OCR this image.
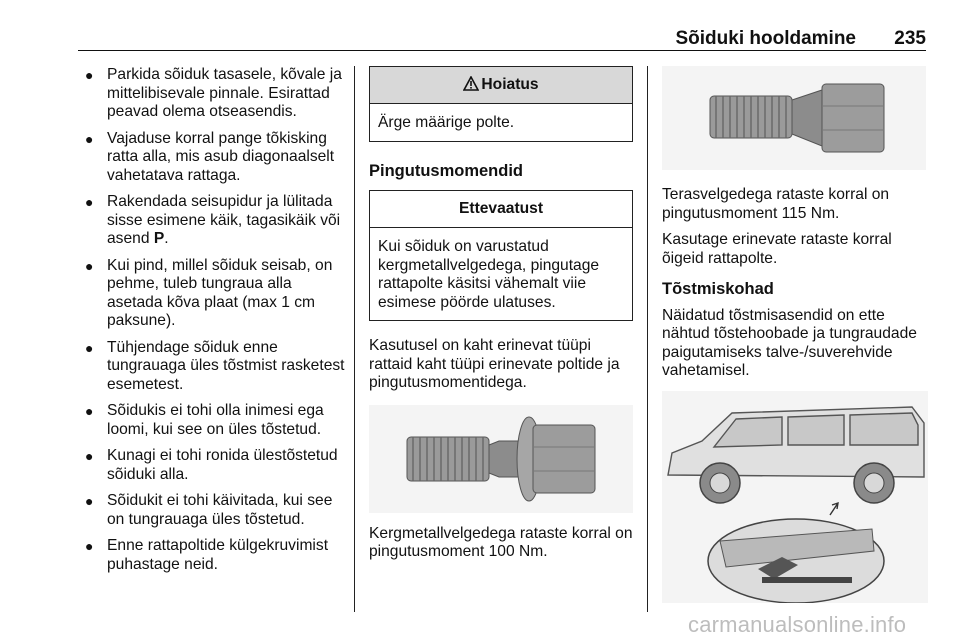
Sõiduki hooldamine 235
● Parkida sõiduk tasasele, kõvale ja mittelibisevale pinnale. Esirattad peavad olema otseasendis.
● Vajaduse korral pange tõkisking ratta alla, mis asub diagonaalselt vahetatava rattaga.
● Rakendada seisupidur ja lülitada sisse esimene käik, tagasikäik või asend P.
● Kui pind, millel sõiduk seisab, on pehme, tuleb tungraua alla asetada kõva plaat (max 1 cm paksune).
● Tühjendage sõiduk enne tungrauaga üles tõstmist rasketest esemetest.
● Sõidukis ei tohi olla inimesi ega loomi, kui see on üles tõstetud.
● Kunagi ei tohi ronida ülestõstetud sõiduki alla.
● Sõidukit ei tohi käivitada, kui see on tungrauaga üles tõstetud.
● Enne rattapoltide külgekruvimist puhastage neid.
Hoiatus
Ärge määrige polte.
Pingutusmomendid
Ettevaatust
Kui sõiduk on varustatud kergmetallvelgedega, pingutage rattapolte käsitsi vähemalt viie esimese pöörde ulatuses.

Kasutusel on kaht erinevat tüüpi rattaid kaht tüüpi erinevate poltide ja pingutusmomentidega.

Kergmetallvelgedega rataste korral on pingutusmoment 100 Nm.

Terasvelgedega rataste korral on pingutusmoment 115 Nm.

Kasutage erinevate rataste korral õigeid rattapolte.

Tõstmiskohad

Näidatud tõstmisasendid on ette nähtud tõstehoobade ja tungraudade paigutamiseks talve-/suverehvide vahetamisel.

carmanualsonline.info
